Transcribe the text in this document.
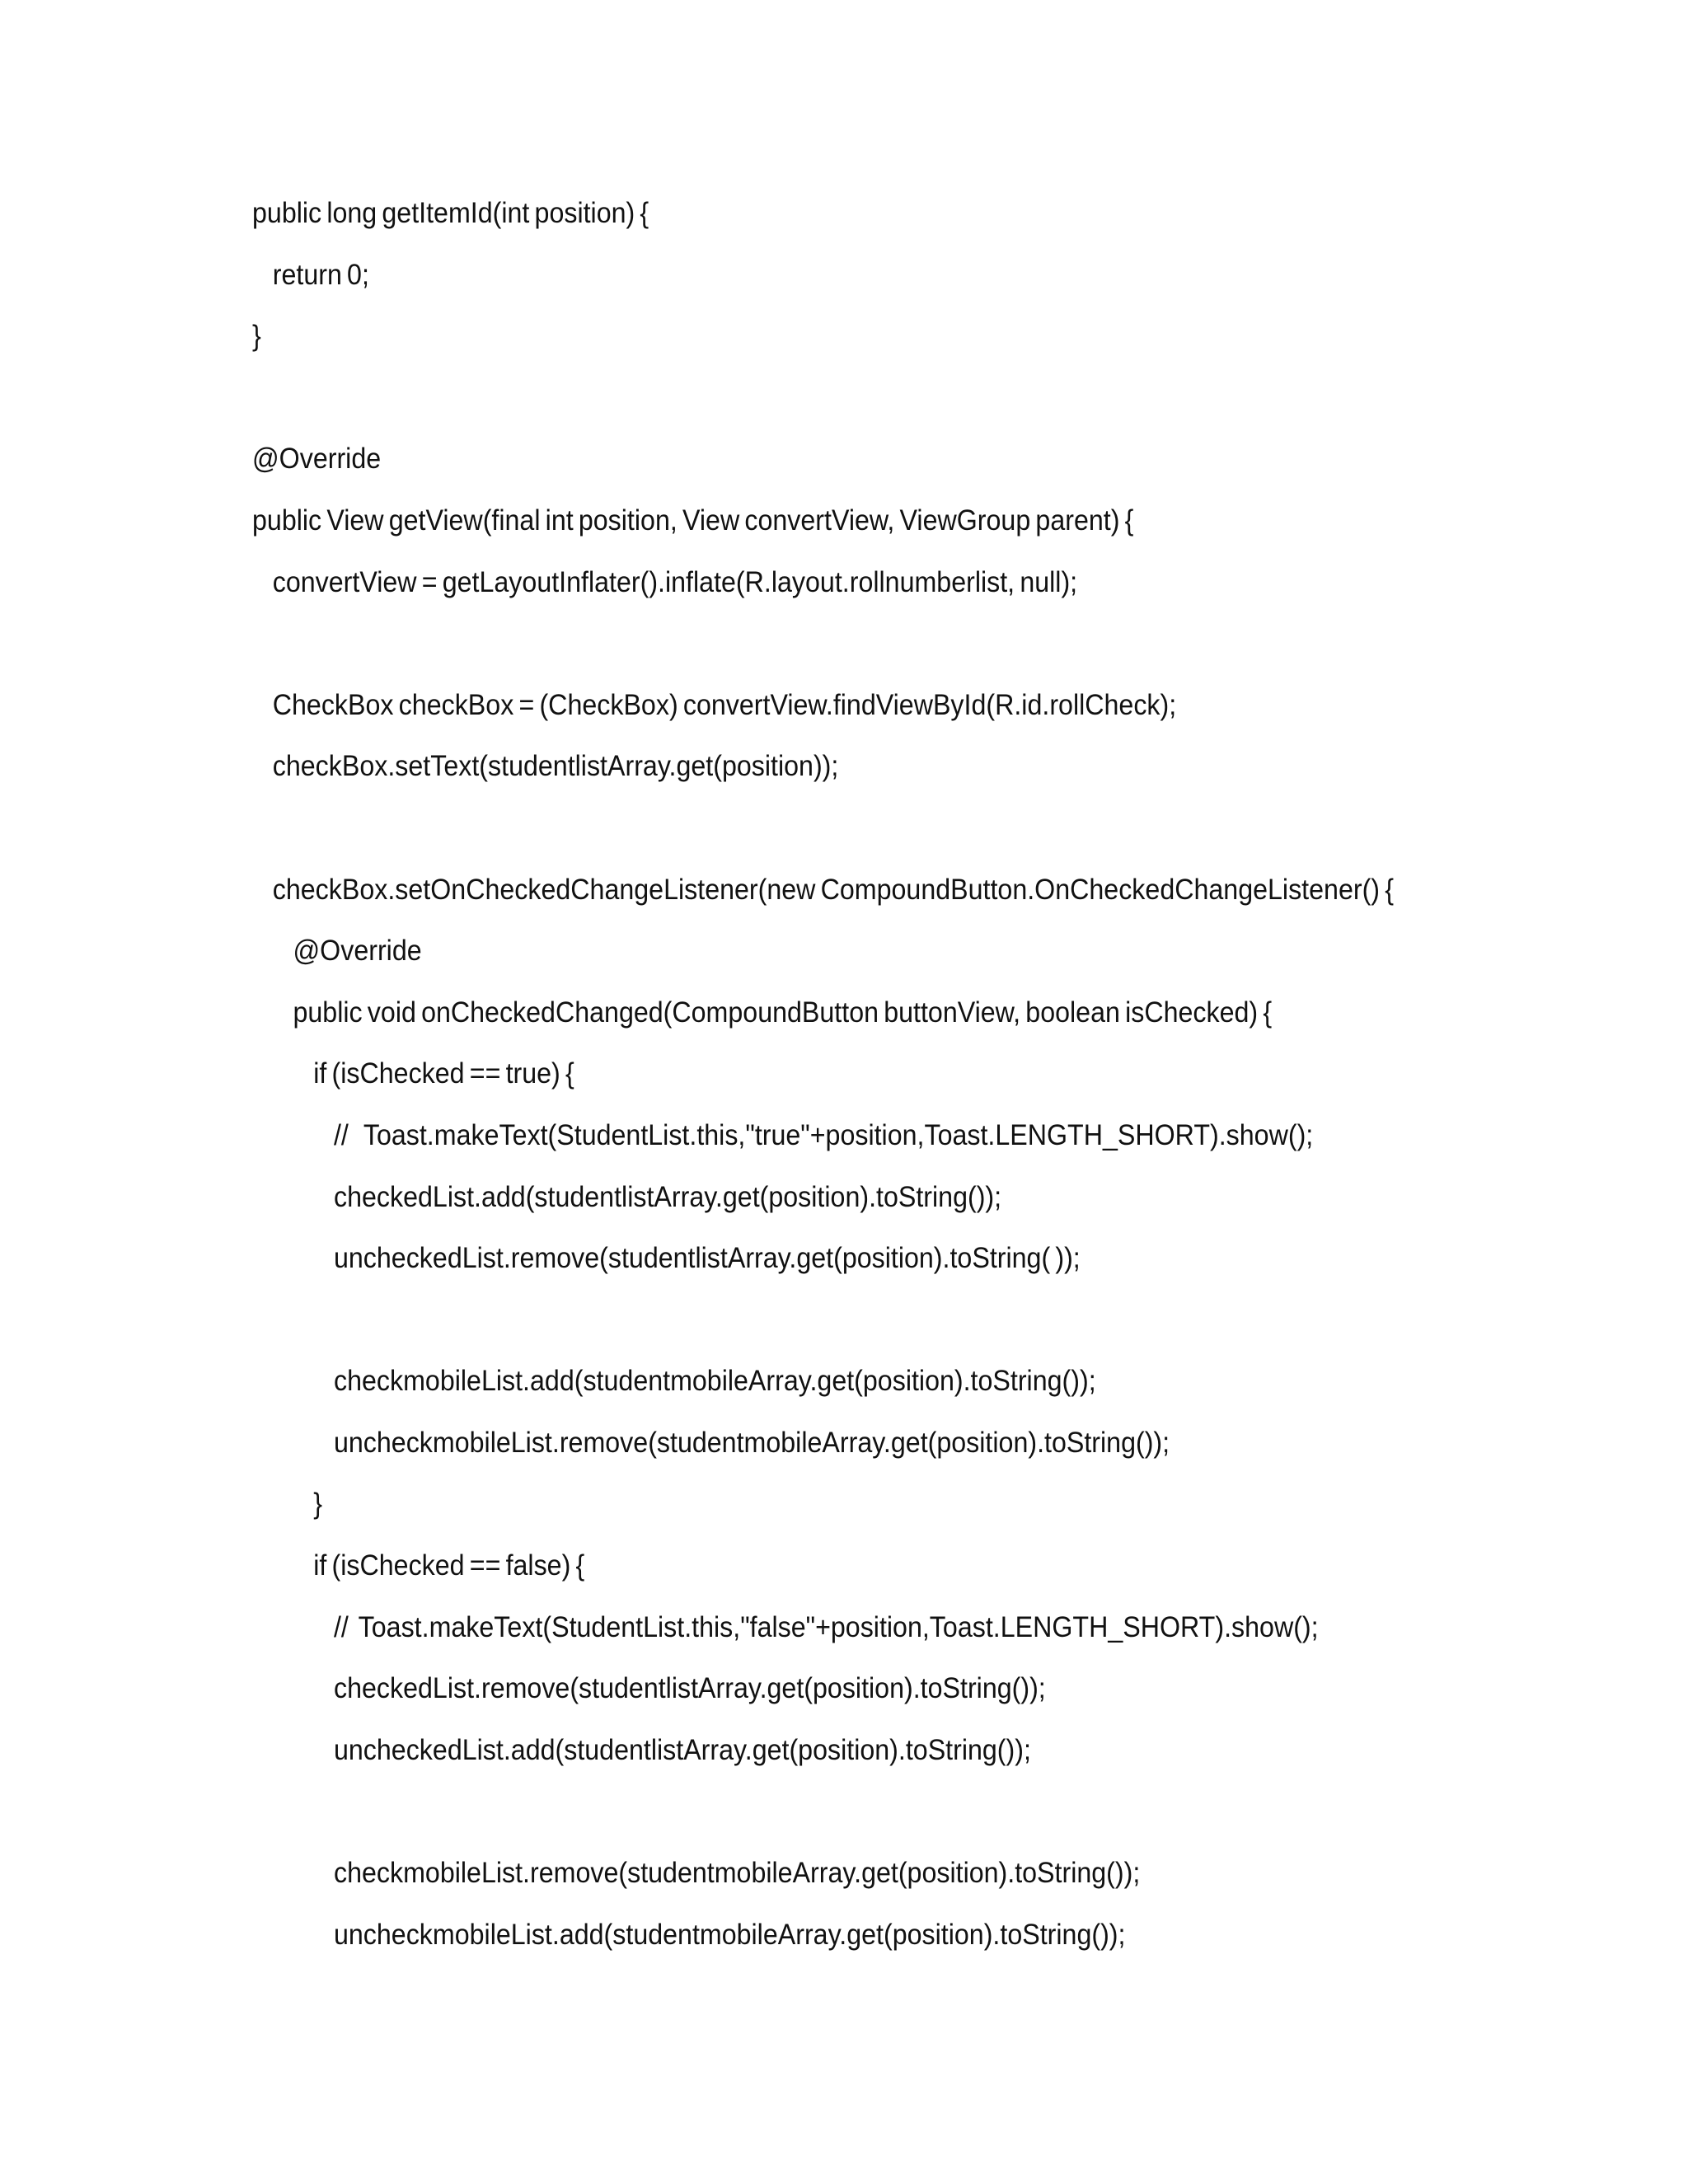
public long getItemId(int position) {
return 0;
}
@Override
public View getView(final int position, View convertView, ViewGroup parent) {
convertView = getLayoutInflater().inflate(R.layout.rollnumberlist, null);
CheckBox checkBox = (CheckBox) convertView.findViewById(R.id.rollCheck);
checkBox.setText(studentlistArray.get(position));
checkBox.setOnCheckedChangeListener(new CompoundButton.OnCheckedChangeListener() {
@Override
public void onCheckedChanged(CompoundButton buttonView, boolean isChecked) {
if (isChecked == true) {
//   Toast.makeText(StudentList.this,"true"+position,Toast.LENGTH_SHORT).show();
checkedList.add(studentlistArray.get(position).toString());
uncheckedList.remove(studentlistArray.get(position).toString( ));
checkmobileList.add(studentmobileArray.get(position).toString());
uncheckmobileList.remove(studentmobileArray.get(position).toString());
}
if (isChecked == false) {
//  Toast.makeText(StudentList.this,"false"+position,Toast.LENGTH_SHORT).show();
checkedList.remove(studentlistArray.get(position).toString());
uncheckedList.add(studentlistArray.get(position).toString());
checkmobileList.remove(studentmobileArray.get(position).toString());
uncheckmobileList.add(studentmobileArray.get(position).toString());
